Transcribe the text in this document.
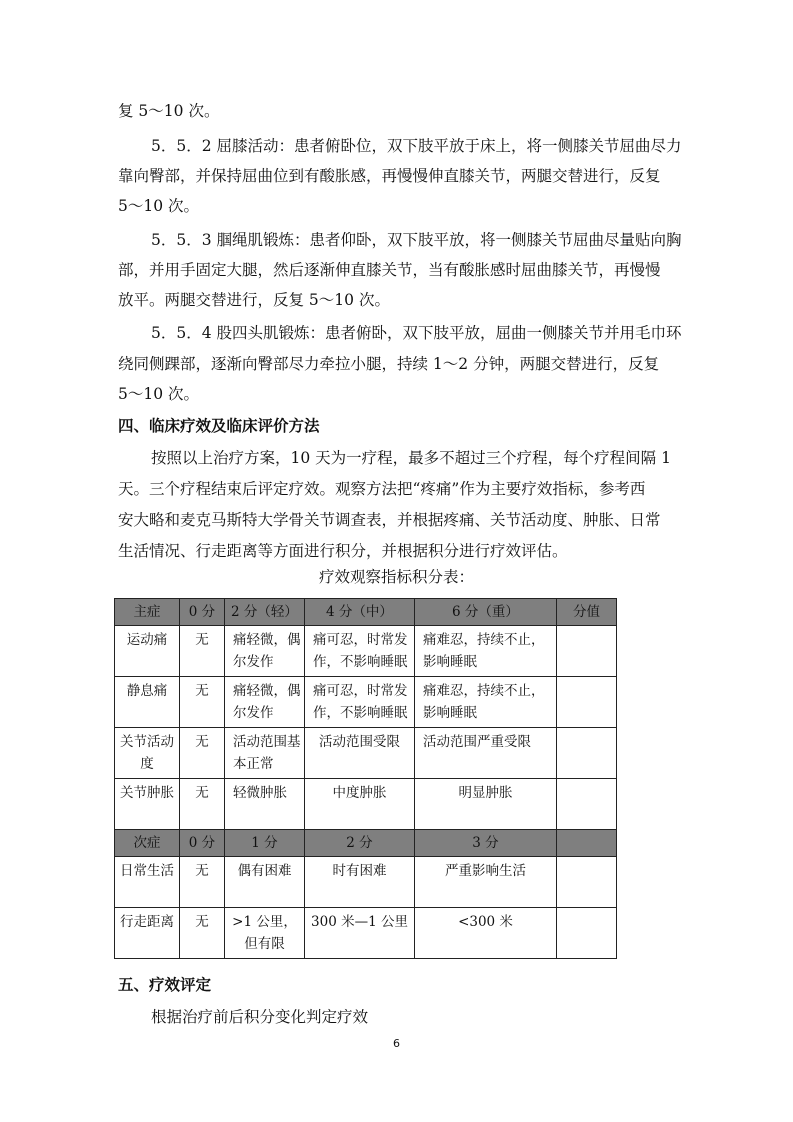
复 5～10 次。
5．5．2 屈膝活动：患者俯卧位，双下肢平放于床上，将一侧膝关节屈曲尽力
靠向臀部，并保持屈曲位到有酸胀感，再慢慢伸直膝关节，两腿交替进行，反复
5～10 次。
5．5．3 腘绳肌锻炼：患者仰卧，双下肢平放，将一侧膝关节屈曲尽量贴向胸
部，并用手固定大腿，然后逐渐伸直膝关节，当有酸胀感时屈曲膝关节，再慢慢
放平。两腿交替进行，反复 5～10 次。
5．5．4 股四头肌锻炼：患者俯卧，双下肢平放，屈曲一侧膝关节并用毛巾环
绕同侧踝部，逐渐向臀部尽力牵拉小腿，持续 1～2 分钟，两腿交替进行，反复
5～10 次。
四、临床疗效及临床评价方法
按照以上治疗方案，10 天为一疗程，最多不超过三个疗程，每个疗程间隔 1
天。三个疗程结束后评定疗效。观察方法把“疼痛”作为主要疗效指标，参考西
安大略和麦克马斯特大学骨关节调查表，并根据疼痛、关节活动度、肿胀、日常
生活情况、行走距离等方面进行积分，并根据积分进行疗效评估。
疗效观察指标积分表：
主症	0 分	2 分（轻）	4 分（中）	6 分（重）	分值
运动痛	无	痛轻微，偶尔发作	痛可忍，时常发作，不影响睡眠	痛难忍，持续不止，影响睡眠	
静息痛	无	痛轻微，偶尔发作	痛可忍，时常发作，不影响睡眠	痛难忍，持续不止，影响睡眠	
关节活动度	无	活动范围基本正常	活动范围受限	活动范围严重受限	
关节肿胀	无	轻微肿胀	中度肿胀	明显肿胀	
次症	0 分	1 分	2 分	3 分	
日常生活	无	偶有困难	时有困难	严重影响生活	
行走距离	无	>1 公里，但有限	300 米—1 公里	<300 米	
五、疗效评定
根据治疗前后积分变化判定疗效
6
